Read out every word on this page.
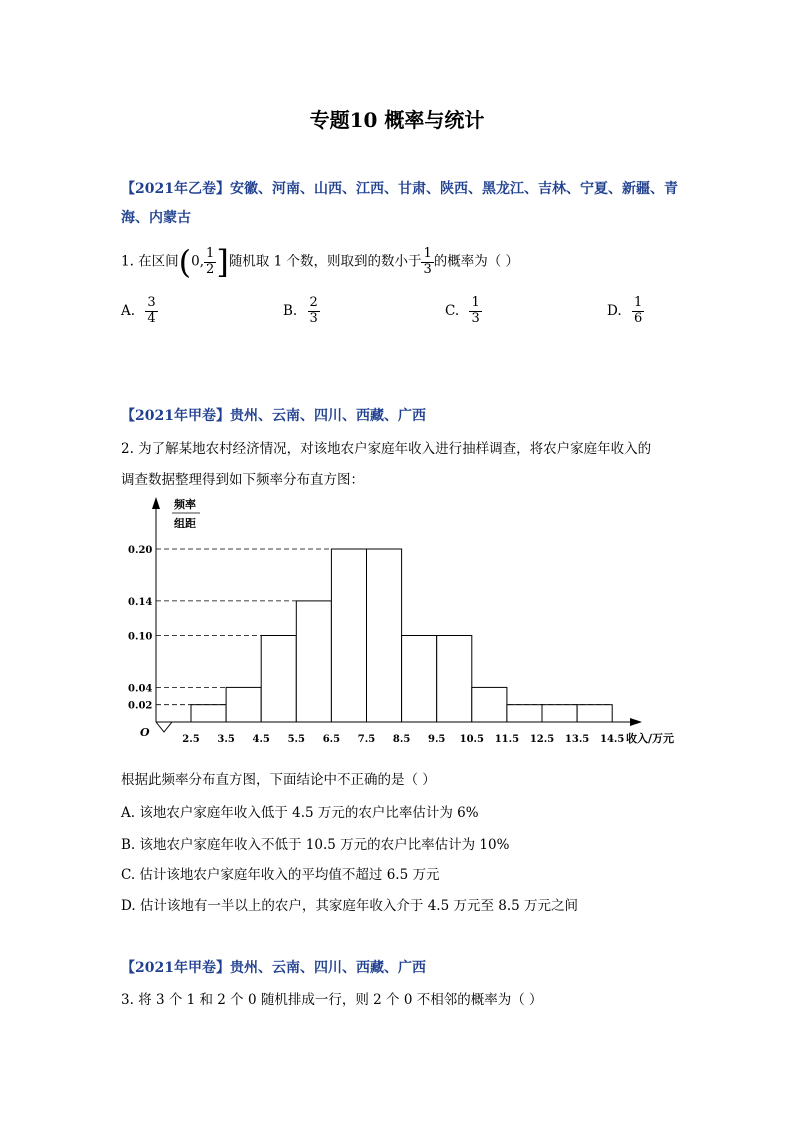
专题10 概率与统计
【2021年乙卷】安徽、河南、山西、江西、甘肃、陕西、黑龙江、吉林、宁夏、新疆、青
海、内蒙古
1. 在区间(0, $\frac{1}{2}$ ]随机取 1 个数，则取到的数小于 $\frac{1}{3}$ 的概率为（ ）
A. $\frac{3}{4}$	B. $\frac{2}{3}$	C. $\frac{1}{3}$	D. $\frac{1}{6}$
【2021年甲卷】贵州、云南、四川、西藏、广西
2. 为了解某地农村经济情况，对该地农户家庭年收入进行抽样调查，将农户家庭年收入的
调查数据整理得到如下频率分布直方图：
0.02
0.04
0.10
0.14
0.20
2.5 3.5 4.5 5.5 6.5 7.5 8.5 9.5 10.5 11.5 12.5 13.5 14.5
O
频率
组距
收入/万元
根据此频率分布直方图，下面结论中不正确的是（ ）
A. 该地农户家庭年收入低于 4.5 万元的农户比率估计为 6%
B. 该地农户家庭年收入不低于 10.5 万元的农户比率估计为 10%
C. 估计该地农户家庭年收入的平均值不超过 6.5 万元
D. 估计该地有一半以上的农户，其家庭年收入介于 4.5 万元至 8.5 万元之间
【2021年甲卷】贵州、云南、四川、西藏、广西
3. 将 3 个 1 和 2 个 0 随机排成一行，则 2 个 0 不相邻的概率为（ ）
